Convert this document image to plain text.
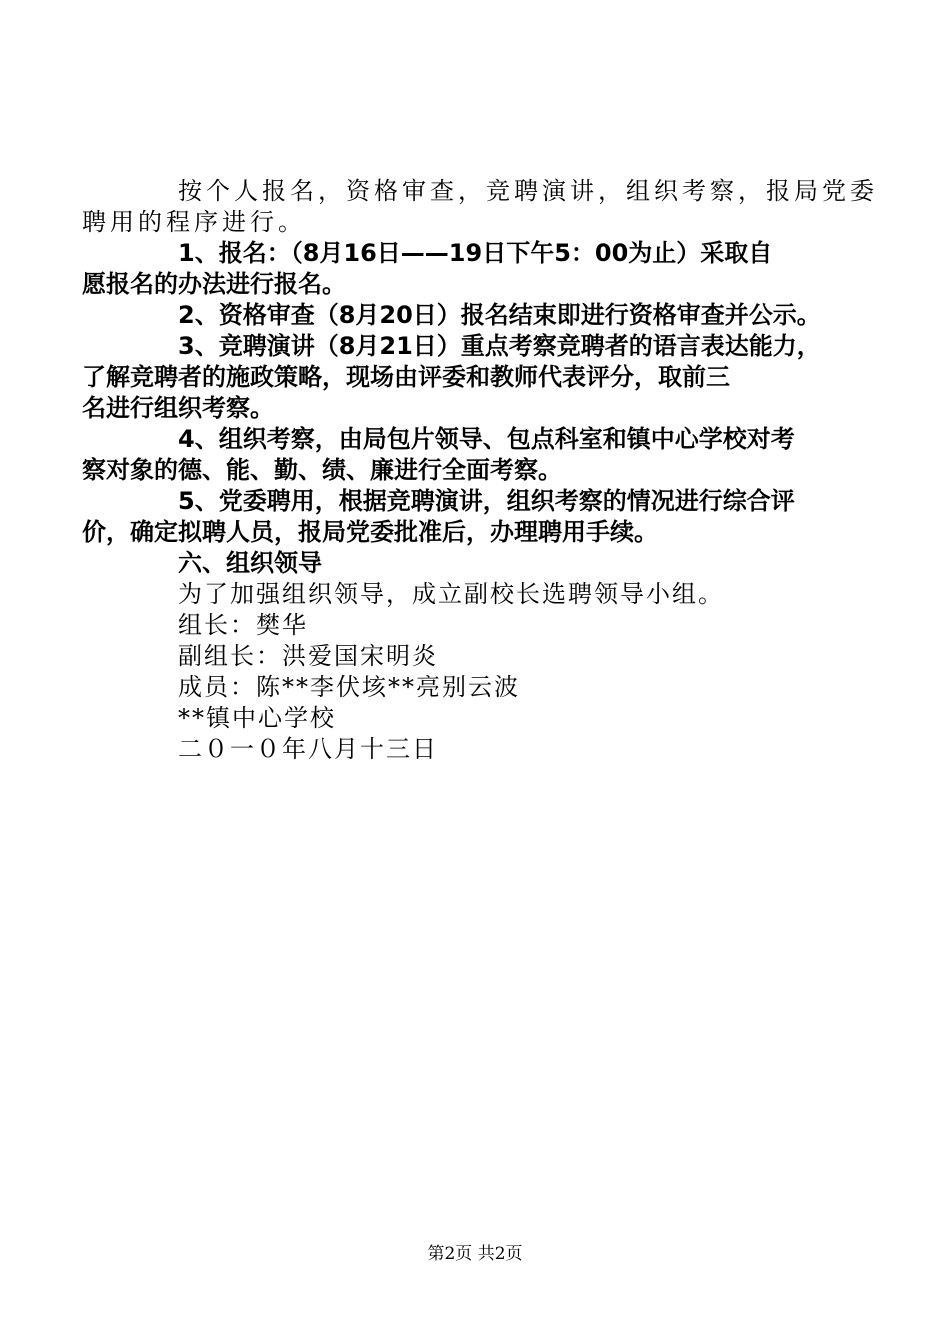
按个人报名，资格审查，竞聘演讲，组织考察，报局党委
聘用的程序进行。

1、报名：（8月16日——19日下午5：00为止）采取自
愿报名的办法进行报名。

2、资格审查（8月20日）报名结束即进行资格审查并公示。

3、竞聘演讲（8月21日）重点考察竞聘者的语言表达能力，
了解竞聘者的施政策略，现场由评委和教师代表评分，取前三
名进行组织考察。

4、组织考察，由局包片领导、包点科室和镇中心学校对考
察对象的德、能、勤、绩、廉进行全面考察。

5、党委聘用，根据竞聘演讲，组织考察的情况进行综合评
价，确定拟聘人员，报局党委批准后，办理聘用手续。

六、组织领导

为了加强组织领导，成立副校长选聘领导小组。

组长：樊华

副组长：洪爱国宋明炎

成员：陈**李伏垓**亮别云波

**镇中心学校

二０一０年八月十三日

第2页 共2页
